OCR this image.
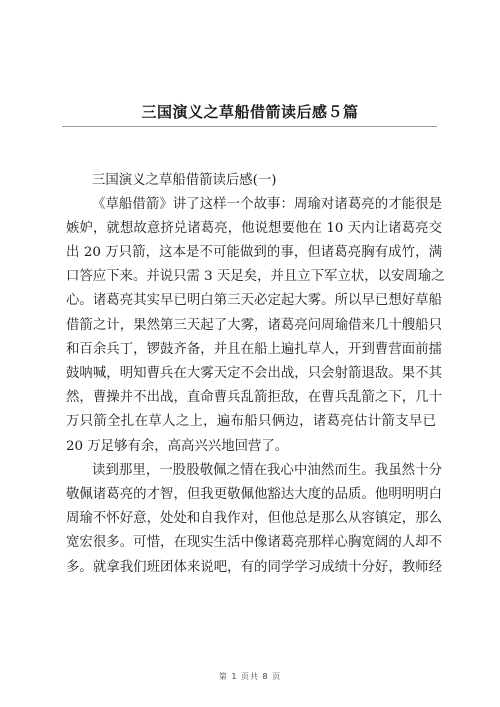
三国演义之草船借箭读后感５篇
三国演义之草船借箭读后感(一)
《草船借箭》讲了这样一个故事：周瑜对诸葛亮的才能很是
嫉妒，就想故意挤兑诸葛亮，他说想要他在 10 天内让诸葛亮交
出 20 万只箭，这本是不可能做到的事，但诸葛亮胸有成竹，满
口答应下来。并说只需 3 天足矣，并且立下军立状，以安周瑜之
心。诸葛亮其实早已明白第三天必定起大雾。所以早已想好草船
借箭之计，果然第三天起了大雾，诸葛亮问周瑜借来几十艘船只
和百余兵丁，锣鼓齐备，并且在船上遍扎草人，开到曹营面前擂
鼓呐喊，明知曹兵在大雾天定不会出战，只会射箭退敌。果不其
然，曹操并不出战，直命曹兵乱箭拒敌，在曹兵乱箭之下，几十
万只箭全扎在草人之上，遍布船只俩边，诸葛亮估计箭支早已
20 万足够有余，高高兴兴地回营了。
读到那里，一股股敬佩之情在我心中油然而生。我虽然十分
敬佩诸葛亮的才智，但我更敬佩他豁达大度的品质。他明明明白
周瑜不怀好意，处处和自我作对，但他总是那么从容镇定，那么
宽宏很多。可惜，在现实生活中像诸葛亮那样心胸宽阔的人却不
多。就拿我们班团体来说吧，有的同学学习成绩十分好，教师经
第 1 页共 8 页
